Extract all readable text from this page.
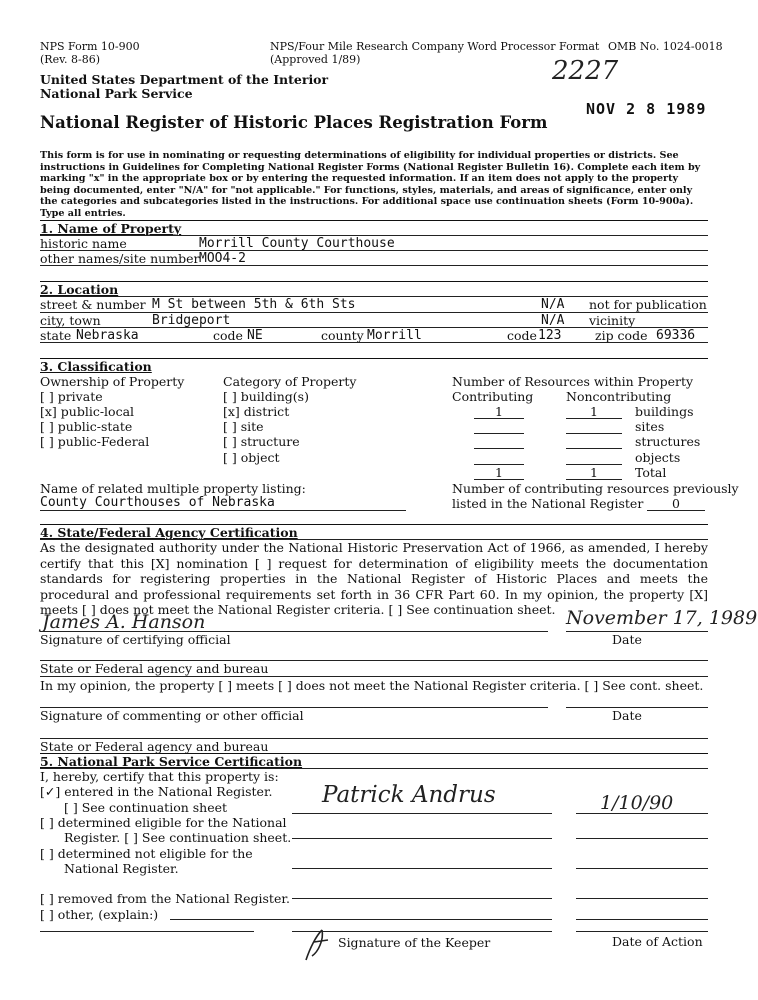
NPS Form 10-900
(Rev. 8-86)
NPS/Four Mile Research Company Word Processor Format
(Approved 1/89)
OMB No. 1024-0018
United States Department of the Interior
National Park Service
2227
NOV 2 8 1989
National Register of Historic Places Registration Form
This form is for use in nominating or requesting determinations of eligibility for individual properties or districts. See instructions in Guidelines for Completing National Register Forms (National Register Bulletin 16). Complete each item by marking "x" in the appropriate box or by entering the requested information. If an item does not apply to the property being documented, enter "N/A" for "not applicable." For functions, styles, materials, and areas of significance, enter only the categories and subcategories listed in the instructions. For additional space use continuation sheets (Form 10-900a). Type all entries.
1. Name of Property
historic name	Morrill County Courthouse
other names/site number MOO4-2
2. Location
street & number M St between 5th & 6th Sts	N/A not for publication
city, town	Bridgeport	N/A vicinity
state Nebraska	code NE	county Morrill	code 123	zip code 69336
3. Classification
Ownership of Property
[ ] private
[x] public-local
[ ] public-state
[ ] public-Federal
Category of Property
[ ] building(s)
[x] district
[ ] site
[ ] structure
[ ] object
Number of Resources within Property
Contributing	Noncontributing
1	1	buildings
sites
structures
objects
1	1	Total
Name of related multiple property listing:
County Courthouses of Nebraska
Number of contributing resources previously
listed in the National Register	0
4. State/Federal Agency Certification
As the designated authority under the National Historic Preservation Act of 1966, as amended, I hereby certify that this [X] nomination [ ] request for determination of eligibility meets the documentation standards for registering properties in the National Register of Historic Places and meets the procedural and professional requirements set forth in 36 CFR Part 60. In my opinion, the property [X] meets [ ] does not meet the National Register criteria. [ ] See continuation sheet.
James A. Hanson	November 17, 1989
Signature of certifying official	Date
State or Federal agency and bureau
In my opinion, the property [ ] meets [ ] does not meet the National Register criteria. [ ] See cont. sheet.
Signature of commenting or other official	Date
State or Federal agency and bureau
5. National Park Service Certification
I, hereby, certify that this property is:
[✓] entered in the National Register.
[ ] See continuation sheet
[ ] determined eligible for the National
Register. [ ] See continuation sheet.
[ ] determined not eligible for the
National Register.
[ ] removed from the National Register.
[ ] other, (explain:)
Patrick Andrus	1/10/90
Signature of the Keeper	Date of Action
